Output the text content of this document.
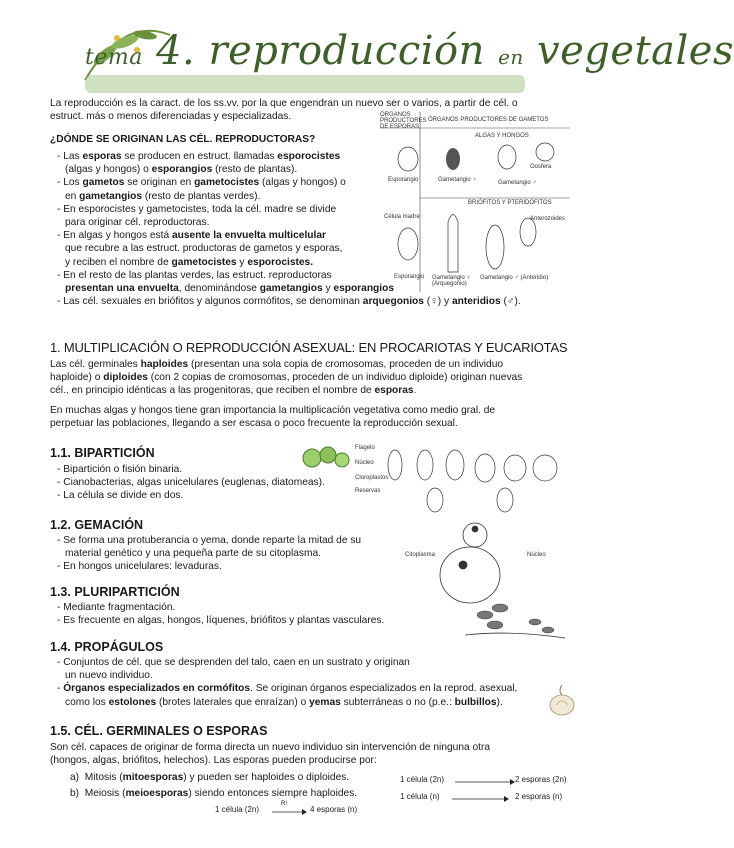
tema 4. reproducción en vegetales
La reproducción es la caract. de los ss.vv. por la que engendran un nuevo ser o varios, a partir de cél. o
estruct. más o menos diferenciadas y especializadas.
¿DÓNDE SE ORIGINAN LAS CÉL. REPRODUCTORAS?
- Las esporas se producen en estruct. llamadas esporocistes
(algas y hongos) o esporangios (resto de plantas).
- Los gametos se originan en gametocistes (algas y hongos) o
en gametangios (resto de plantas verdes).
- En esporocistes y gametocistes, toda la cél. madre se divide
para originar cél. reproductoras.
- En algas y hongos está ausente la envuelta multicelular
que recubre a las estruct. productoras de gametos y esporas,
y reciben el nombre de gametocistes y esporocistes.
- En el resto de las plantas verdes, las estruct. reproductoras
presentan una envuelta, denominándose gametangios y esporangios
- Las cél. sexuales en briófitos y algunos cormófitos, se denominan arquegonios (♀) y anteridios (♂).
ÓRGANOS PRODUCTORES DE ESPORAS
ÓRGANOS PRODUCTORES DE GAMETOS
ALGAS Y HONGOS
BRIÓFITOS Y PTERIDÓFITOS
Esporangio	Gametangio ♀	Gametangio ♂
Oosfera
Célula madre
Esporangio Gametangio ♀ (Arquegonio)
Gametangio ♂ (Anteridio)
Anterozoides
1. MULTIPLICACIÓN O REPRODUCCIÓN ASEXUAL: EN PROCARIOTAS Y EUCARIOTAS
Las cél. germinales haploides (presentan una sola copia de cromosomas, proceden de un individuo
haploide) o diploides (con 2 copias de cromosomas, proceden de un individuo diploide) originan nuevas
cél., en principio idénticas a las progenitoras, que reciben el nombre de esporas.
En muchas algas y hongos tiene gran importancia la multiplicación vegetativa como medio gral. de
perpetuar las poblaciones, llegando a ser escasa o poco frecuente la reproducción sexual.
1.1. BIPARTICIÓN
- Bipartición o fisión binaria.
- Cianobacterias, algas unicelulares (euglenas, diatomeas).
- La célula se divide en dos.
Flagelo
Núcleo
Cloroplastos
Reservas
1.2. GEMACIÓN
- Se forma una protuberancia o yema, donde reparte la mitad de su
material genético y una pequeña parte de su citoplasma.
- En hongos unicelulares: levaduras.
Citoplasma	Núcleo
1.3. PLURIPARTICIÓN
- Mediante fragmentación.
- Es frecuente en algas, hongos, líquenes, briófitos y plantas vasculares.
1.4. PROPÁGULOS
- Conjuntos de cél. que se desprenden del talo, caen en un sustrato y originan
un nuevo individuo.
- Órganos especializados en cormófitos. Se originan órganos especializados en la reprod. asexual,
como los estolones (brotes laterales que enraízan) o yemas subterráneas o no (p.e.: bulbillos).
1.5. CÉL. GERMINALES O ESPORAS
Son cél. capaces de originar de forma directa un nuevo individuo sin intervención de ninguna otra
(hongos, algas, briófitos, helechos). Las esporas pueden producirse por:
a) Mitosis (mitoesporas) y pueden ser haploides o diploides.
b) Meiosis (meioesporas) siendo entonces siempre haploides.
1 célula (2n)	2 esporas (2n)
1 célula (n)	2 esporas (n)
1 célula (2n)
R!
4 esporas (n)
